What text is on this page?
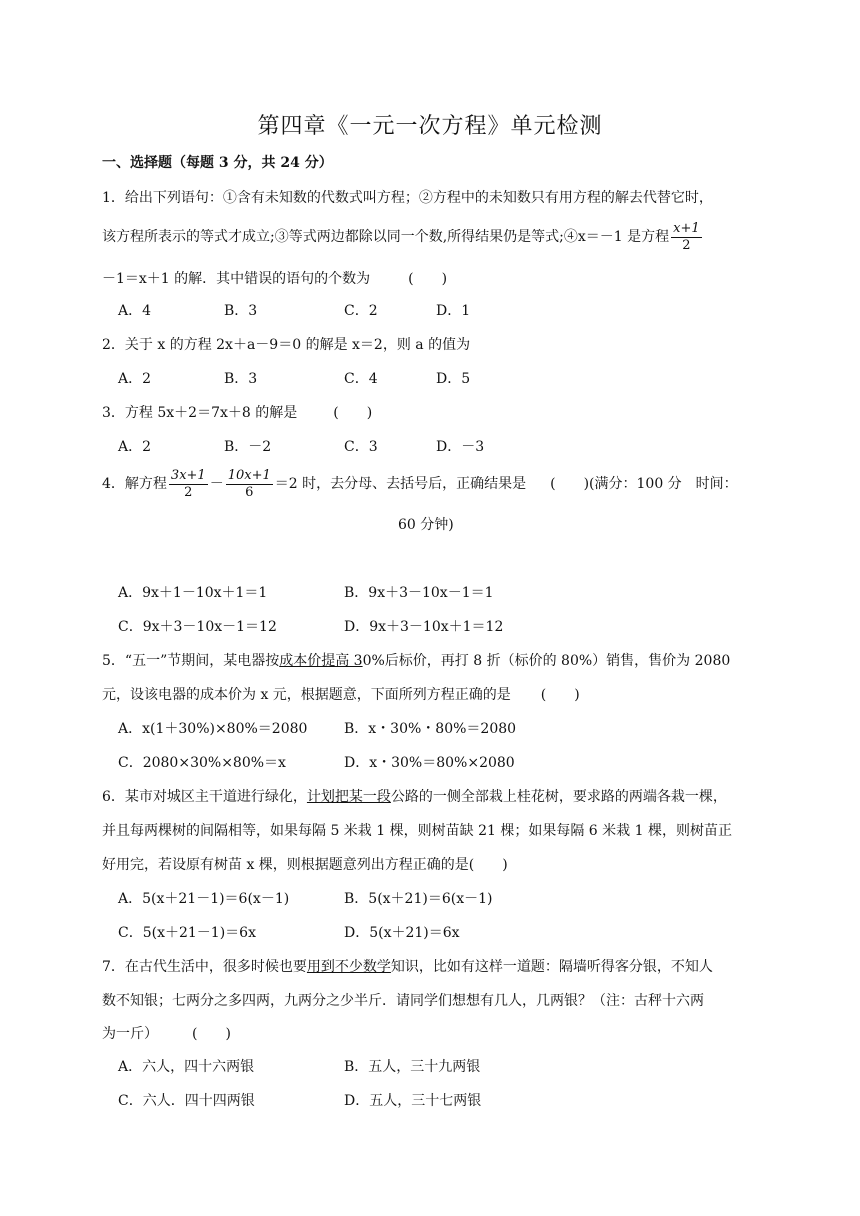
第四章《一元一次方程》单元检测
一、选择题（每题 3 分，共 24 分）
1．给出下列语句：①含有未知数的代数式叫方程；②方程中的未知数只有用方程的解去代替它时，
该方程所表示的等式才成立;③等式两边都除以同一个数,所得结果仍是等式;④x＝－1 是方程 $\frac{x+1}{2}$
－1＝x＋1 的解．其中错误的语句的个数为	(　　)
A．4	B．3	C．2	D．1
2．关于 x 的方程 2x＋a－9＝0 的解是 x＝2，则 a 的值为
A．2	B．3	C．4	D．5
3．方程 5x＋2＝7x＋8 的解是	(　　)
A．2	B．－2	C．3	D．－3
4．解方程 $\frac{3x+1}{2} - \frac{10x+1}{6} =2$ 时，去分母、去括号后，正确结果是 (　　)(满分：100 分　时间：
60 分钟)
A．9x＋1－10x＋1＝1	B．9x＋3－10x－1＝1
C．9x＋3－10x－1＝12	D．9x＋3－10x＋1＝12
5．“五一”节期间，某电器按成本价提高 30%后标价，再打 8 折（标价的 80%）销售，售价为 2080
元，设该电器的成本价为 x 元，根据题意，下面所列方程正确的是 (　　)
A．x(1＋30%)×80%＝2080	B．x・30%・80%＝2080
C．2080×30%×80%＝x	D．x・30%＝80%×2080
6．某市对城区主干道进行绿化，计划把某一段公路的一侧全部栽上桂花树，要求路的两端各栽一棵，
并且每两棵树的间隔相等，如果每隔 5 米栽 1 棵，则树苗缺 21 棵；如果每隔 6 米栽 1 棵，则树苗正
好用完，若设原有树苗 x 棵，则根据题意列出方程正确的是(　　)
A．5(x＋21－1)＝6(x－1)	B．5(x＋21)＝6(x－1)
C．5(x＋21－1)＝6x	D．5(x＋21)＝6x
7．在古代生活中，很多时候也要用到不少数学知识，比如有这样一道题：隔墙听得客分银，不知人
数不知银；七两分之多四两，九两分之少半斤．请同学们想想有几人，几两银？（注：古秤十六两
为一斤） (　　)
A．六人，四十六两银	B．五人，三十九两银
C．六人．四十四两银	D．五人，三十七两银
